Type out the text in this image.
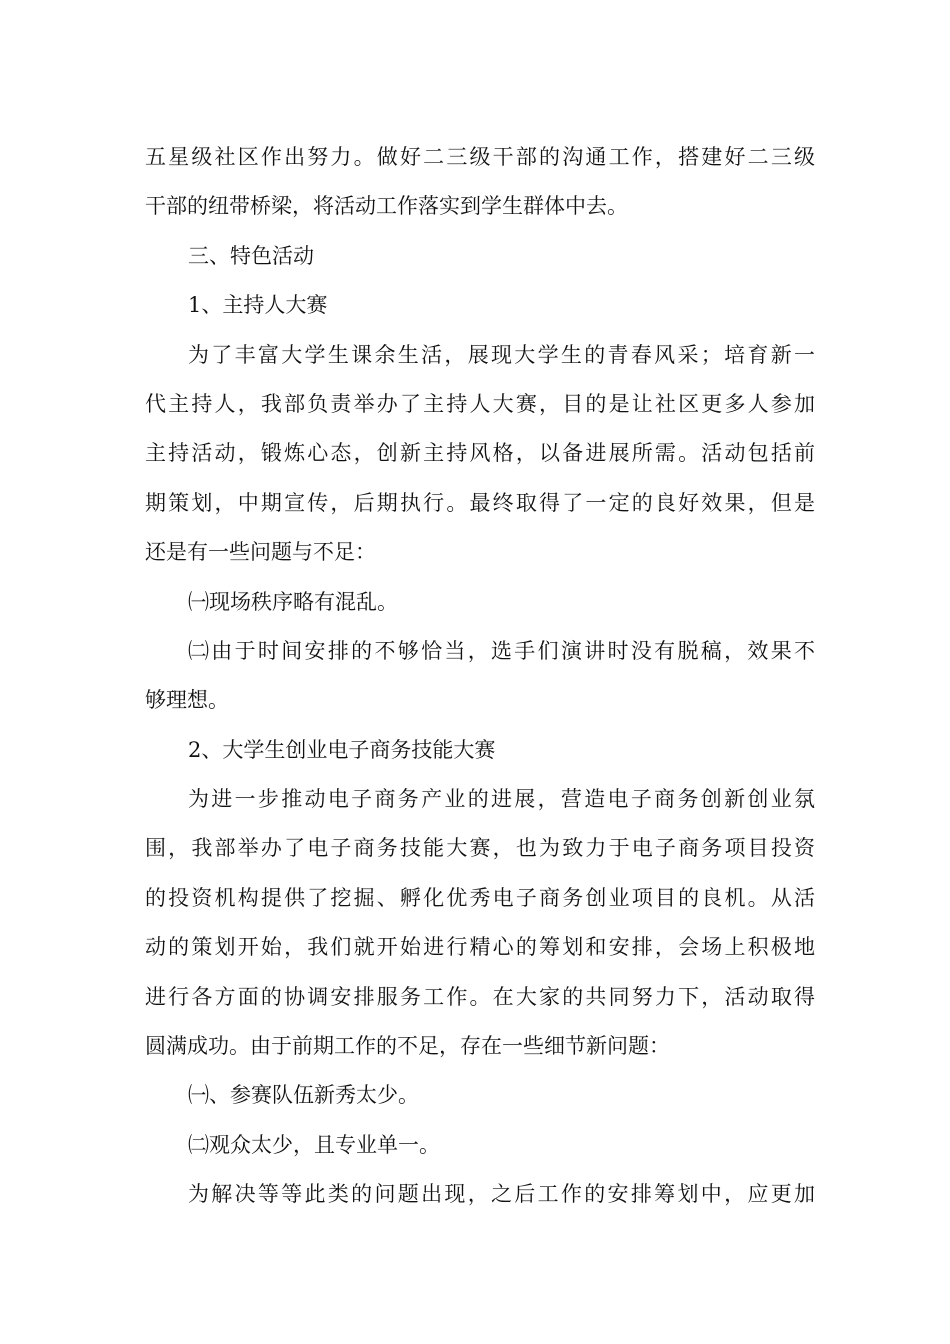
五星级社区作出努力。做好二三级干部的沟通工作，搭建好二三级
干部的纽带桥梁，将活动工作落实到学生群体中去。
三、特色活动
1、主持人大赛
为了丰富大学生课余生活，展现大学生的青春风采；培育新一
代主持人，我部负责举办了主持人大赛，目的是让社区更多人参加
主持活动，锻炼心态，创新主持风格，以备进展所需。活动包括前
期策划，中期宣传，后期执行。最终取得了一定的良好效果，但是
还是有一些问题与不足：
㈠现场秩序略有混乱。
㈡由于时间安排的不够恰当，选手们演讲时没有脱稿，效果不
够理想。
2、大学生创业电子商务技能大赛
为进一步推动电子商务产业的进展，营造电子商务创新创业氛
围，我部举办了电子商务技能大赛，也为致力于电子商务项目投资
的投资机构提供了挖掘、孵化优秀电子商务创业项目的良机。从活
动的策划开始，我们就开始进行精心的筹划和安排，会场上积极地
进行各方面的协调安排服务工作。在大家的共同努力下，活动取得
圆满成功。由于前期工作的不足，存在一些细节新问题：
㈠、参赛队伍新秀太少。
㈡观众太少，且专业单一。
为解决等等此类的问题出现，之后工作的安排筹划中，应更加
